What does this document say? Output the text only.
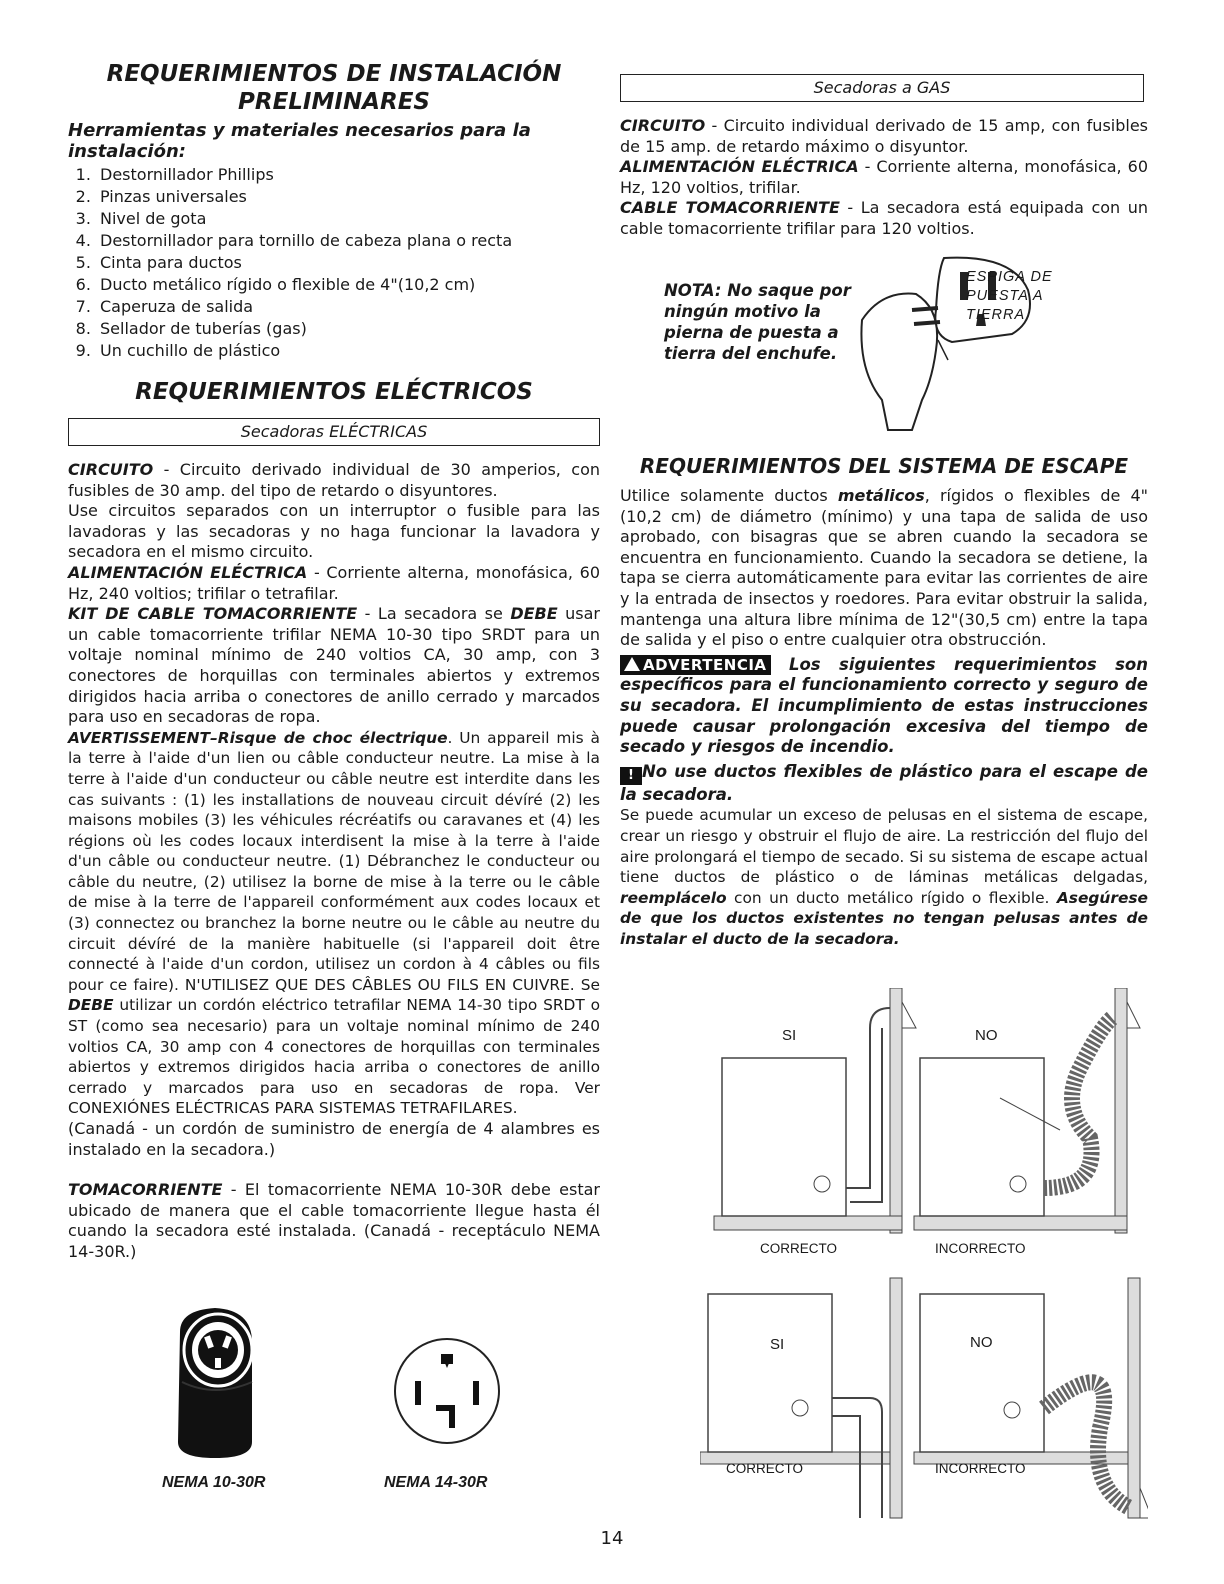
REQUERIMIENTOS DE INSTALACIÓN
PRELIMINARES
Herramientas y materiales necesarios para la instalación:
1. Destornillador Phillips
2. Pinzas universales
3. Nivel de gota
4. Destornillador para tornillo de cabeza plana o recta
5. Cinta para ductos
6. Ducto metálico rígido o flexible de 4"(10,2 cm)
7. Caperuza de salida
8. Sellador de tuberías (gas)
9. Un cuchillo de plástico
REQUERIMIENTOS ELÉCTRICOS
Secadoras ELÉCTRICAS

CIRCUITO - Circuito derivado individual de 30 amperios, con fusibles de 30 amp. del tipo de retardo o disyuntores.

Use circuitos separados con un interruptor o fusible para las lavadoras y las secadoras y no haga funcionar la lavadora y secadora en el mismo circuito.

ALIMENTACIÓN ELÉCTRICA - Corriente alterna, monofásica, 60 Hz, 240 voltios; trifilar o tetrafilar.

KIT DE CABLE TOMACORRIENTE - La secadora se DEBE usar un cable tomacorriente trifilar NEMA 10-30 tipo SRDT para un voltaje nominal mínimo de 240 voltios CA, 30 amp, con 3 conectores de horquillas con terminales abiertos y extremos dirigidos hacia arriba o conectores de anillo cerrado y marcados para uso en secadoras de ropa.

AVERTISSEMENT–Risque de choc électrique. Un appareil mis à la terre à l'aide d'un lien ou câble conducteur neutre. La mise à la terre à l'aide d'un conducteur ou câble neutre est interdite dans les cas suivants : (1) les installations de nouveau circuit dévíré (2) les maisons mobiles (3) les véhicules récréatifs ou caravanes et (4) les régions où les codes locaux interdisent la mise à la terre à l'aide d'un câble ou conducteur neutre. (1) Débranchez le conducteur ou câble du neutre, (2) utilisez la borne de mise à la terre ou le câble de mise à la terre de l'appareil conformément aux codes locaux et (3) connectez ou branchez la borne neutre ou le câble au neutre du circuit dévíré de la manière habituelle (si l'appareil doit être connecté à l'aide d'un cordon, utilisez un cordon à 4 câbles ou fils pour ce faire). N'UTILISEZ QUE DES CÂBLES OU FILS EN CUIVRE. Se DEBE utilizar un cordón eléctrico tetrafilar NEMA 14-30 tipo SRDT o ST (como sea necesario) para un voltaje nominal mínimo de 240 voltios CA, 30 amp con 4 conectores de horquillas con terminales abiertos y extremos dirigidos hacia arriba o conectores de anillo cerrado y marcados para uso en secadoras de ropa. Ver CONEXIÓNES ELÉCTRICAS PARA SISTEMAS TETRAFILARES.

(Canadá - un cordón de suministro de energía de 4 alambres es instalado en la secadora.)

TOMACORRIENTE - El tomacorriente NEMA 10-30R debe estar ubicado de manera que el cable tomacorriente llegue hasta él cuando la secadora esté instalada. (Canadá - receptáculo NEMA 14-30R.)

NEMA 10-30R	NEMA 14-30R
Secadoras a GAS

CIRCUITO - Circuito individual derivado de 15 amp, con fusibles de 15 amp. de retardo máximo o disyuntor.

ALIMENTACIÓN ELÉCTRICA - Corriente alterna, monofásica, 60 Hz, 120 voltios, trifilar.

CABLE TOMACORRIENTE - La secadora está equipada con un cable tomacorriente trifilar para 120 voltios.

NOTA: No saque por ningún motivo la pierna de puesta a tierra del enchufe.
ESPIGA DE
PUESTA A
TIERRA
REQUERIMIENTOS DEL SISTEMA DE ESCAPE

Utilice solamente ductos metálicos, rígidos o flexibles de 4" (10,2 cm) de diámetro (mínimo) y una tapa de salida de uso aprobado, con bisagras que se abren cuando la secadora se encuentra en funcionamiento. Cuando la secadora se detiene, la tapa se cierra automáticamente para evitar las corrientes de aire y la entrada de insectos y roedores. Para evitar obstruir la salida, mantenga una altura libre mínima de 12"(30,5 cm) entre la tapa de salida y el piso o entre cualquier otra obstrucción.

ADVERTENCIA Los siguientes requerimientos son específicos para el funcionamiento correcto y seguro de su secadora. El incumplimiento de estas instrucciones puede causar prolongación excesiva del tiempo de secado y riesgos de incendio.

! No use ductos flexibles de plástico para el escape de la secadora.

Se puede acumular un exceso de pelusas en el sistema de escape, crear un riesgo y obstruir el flujo de aire. La restricción del flujo del aire prolongará el tiempo de secado. Si su sistema de escape actual tiene ductos de plástico o de láminas metálicas delgadas, reemplácelo con un ducto metálico rígido o flexible. Asegúrese de que los ductos existentes no tengan pelusas antes de instalar el ducto de la secadora.

SI	NO
CORRECTO	INCORRECTO
SI	NO
CORRECTO	INCORRECTO
14
